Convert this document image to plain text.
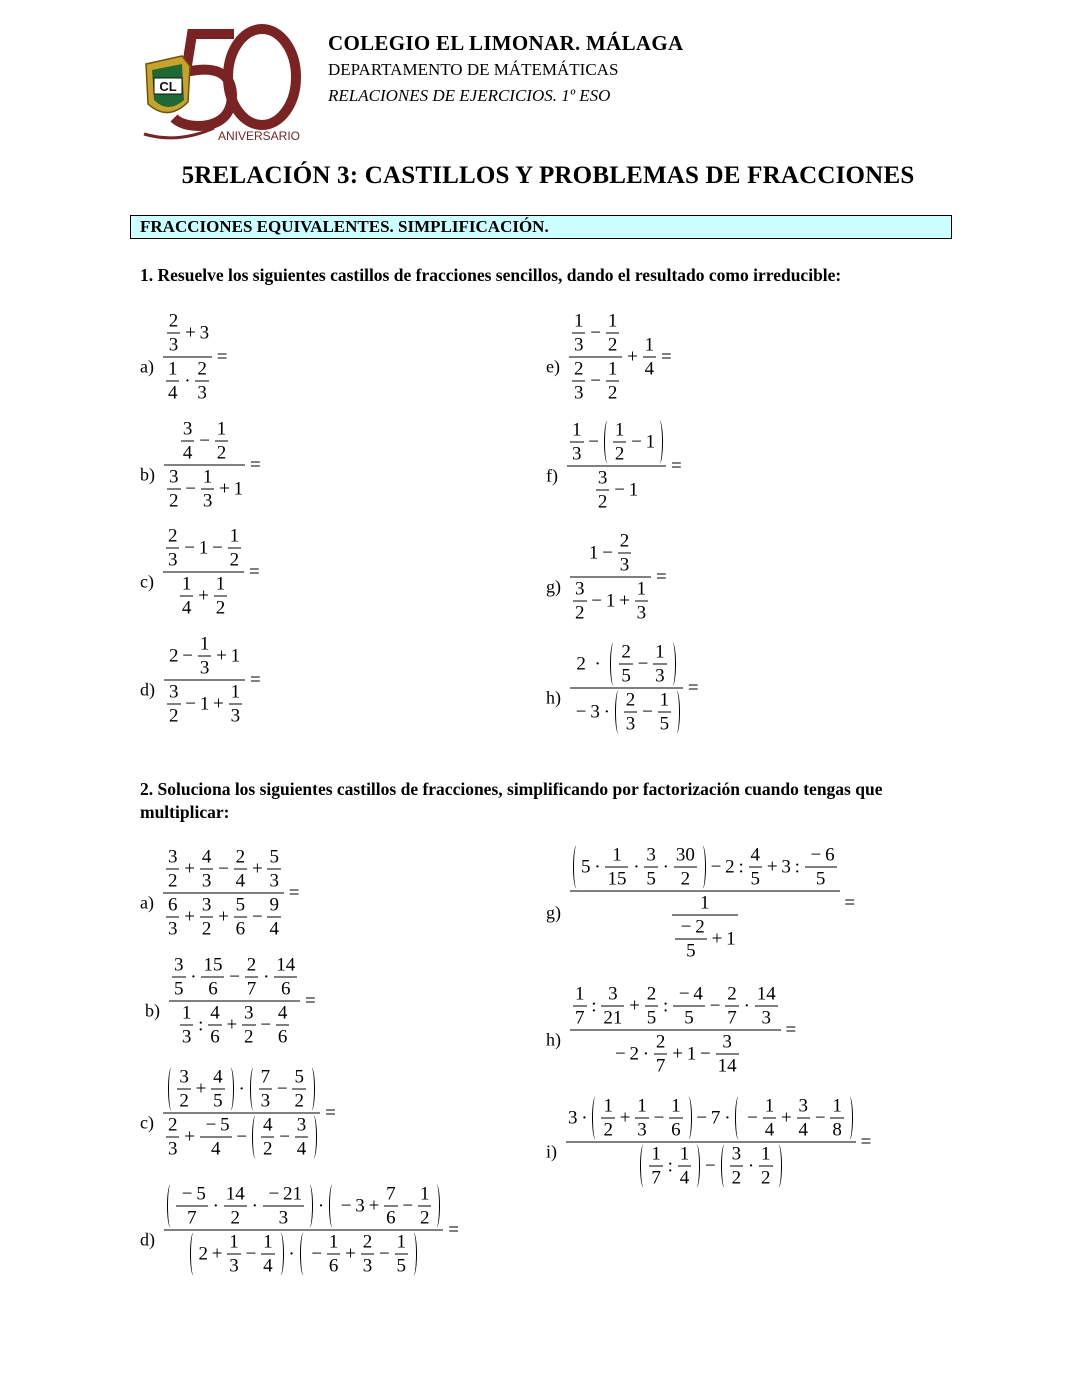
CL
ANIVERSARIO
COLEGIO EL LIMONAR. MÁLAGA
DEPARTAMENTO DE MÁTEMÁTICAS
RELACIONES DE EJERCICIOS. 1º ESO
5RELACIÓN 3: CASTILLOS Y PROBLEMAS DE FRACCIONES
FRACCIONES EQUIVALENTES. SIMPLIFICACIÓN.
1. Resuelve los siguientes castillos de fracciones sencillos, dando el resultado como irreducible:
$a) \frac{\frac{2}{3} + 3}{\frac{1}{4} \cdot \frac{2}{3}}$  = 
$b) \frac{\frac{3}{4} - \frac{1}{2}}{\frac{3}{2} - \frac{1}{3} + 1}$  = 
$c) \frac{\frac{2}{3} - 1 - \frac{1}{2}}{\frac{1}{4} + \frac{1}{2}}$  = 
$d) \frac{2 - \frac{1}{3} + 1}{\frac{3}{2} - 1 + \frac{1}{3}}$  = 
$e) \frac{\frac{1}{3} - \frac{1}{2}}{\frac{2}{3} - \frac{1}{2}} + \frac{1}{4}$  = 
$f) \frac{\frac{1}{3} - \frac{1}{2} - 1}{\frac{3}{2} - 1}$  = 
$g) \frac{1 - \frac{2}{3}}{\frac{3}{2} - 1 + \frac{1}{3}}$  = 
$h) \frac{2 \cdot \frac{2}{5} - \frac{1}{3}}{- 3 \cdot \frac{2}{3} - \frac{1}{5}}$  = 
2. Soluciona los siguientes castillos de fracciones, simplificando por factorización cuando tengas que multiplicar:
$a) \frac{\frac{3}{2} + \frac{4}{3} - \frac{2}{4} + \frac{5}{3}}{\frac{6}{3} + \frac{3}{2} + \frac{5}{6} - \frac{9}{4}}$  = 
$b) \frac{\frac{3}{5} \cdot \frac{15}{6} - \frac{2}{7} \cdot \frac{14}{6}}{\frac{1}{3} : \frac{4}{6} + \frac{3}{2} - \frac{4}{6}}$  = 
$c) \frac{\frac{3}{2} + \frac{4}{5} \cdot \frac{7}{3} - \frac{5}{2}}{\frac{2}{3} + \frac{- 5}{4} - \frac{4}{2} - \frac{3}{4}}$  = 
$d) \frac{\frac{- 5}{7} \cdot \frac{14}{2} \cdot \frac{- 21}{3} \cdot - 3 + \frac{7}{6} - \frac{1}{2}}{2 + \frac{1}{3} - \frac{1}{4} \cdot - \frac{1}{6} + \frac{2}{3} - \frac{1}{5}}$  = 
$g) \frac{5 \cdot \frac{1}{15} \cdot \frac{3}{5} \cdot \frac{30}{2} - 2 : \frac{4}{5} + 3 : \frac{- 6}{5}}{\frac{1}{\frac{- 2}{5} + 1}}$  = 
$h) \frac{\frac{1}{7} : \frac{3}{21} + \frac{2}{5} : \frac{- 4}{5} - \frac{2}{7} \cdot \frac{14}{3}}{- 2 \cdot \frac{2}{7} + 1 - \frac{3}{14}}$  = 
$i) \frac{3 \cdot \frac{1}{2} + \frac{1}{3} - \frac{1}{6} - 7 \cdot - \frac{1}{4} + \frac{3}{4} - \frac{1}{8}}{\frac{1}{7} : \frac{1}{4} - \frac{3}{2} \cdot \frac{1}{2}}$  = 
